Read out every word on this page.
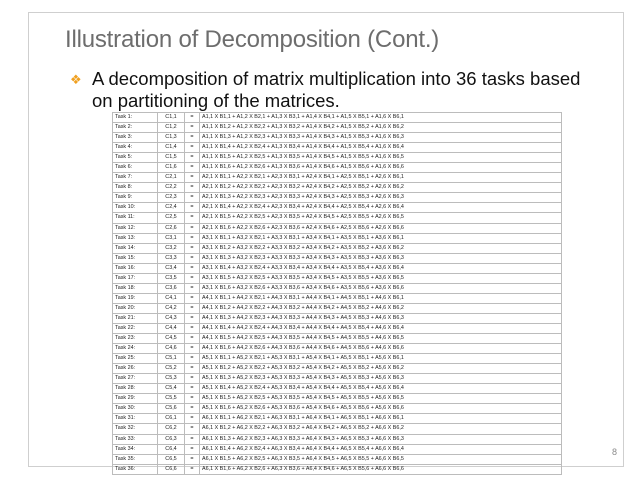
Illustration of Decomposition (Cont.)
❖ A decomposition of matrix multiplication into 36 tasks based on partitioning of the matrices.
Task 1:	C1,1	=	A1,1 X B1,1 + A1,2 X B2,1 + A1,3 X B3,1 + A1,4 X B4,1 + A1,5 X B5,1 + A1,6 X B6,1
Task 2:	C1,2	=	A1,1 X B1,2 + A1,2 X B2,2 + A1,3 X B3,2 + A1,4 X B4,2 + A1,5 X B5,2 + A1,6 X B6,2
Task 3:	C1,3	=	A1,1 X B1,3 + A1,2 X B2,3 + A1,3 X B3,3 + A1,4 X B4,3 + A1,5 X B5,3 + A1,6 X B6,3
Task 4:	C1,4	=	A1,1 X B1,4 + A1,2 X B2,4 + A1,3 X B3,4 + A1,4 X B4,4 + A1,5 X B5,4 + A1,6 X B6,4
Task 5:	C1,5	=	A1,1 X B1,5 + A1,2 X B2,5 + A1,3 X B3,5 + A1,4 X B4,5 + A1,5 X B5,5 + A1,6 X B6,5
Task 6:	C1,6	=	A1,1 X B1,6 + A1,2 X B2,6 + A1,3 X B3,6 + A1,4 X B4,6 + A1,5 X B5,6 + A1,6 X B6,6
Task 7:	C2,1	=	A2,1 X B1,1 + A2,2 X B2,1 + A2,3 X B3,1 + A2,4 X B4,1 + A2,5 X B5,1 + A2,6 X B6,1
Task 8:	C2,2	=	A2,1 X B1,2 + A2,2 X B2,2 + A2,3 X B3,2 + A2,4 X B4,2 + A2,5 X B5,2 + A2,6 X B6,2
Task 9:	C2,3	=	A2,1 X B1,3 + A2,2 X B2,3 + A2,3 X B3,3 + A2,4 X B4,3 + A2,5 X B5,3 + A2,6 X B6,3
Task 10:	C2,4	=	A2,1 X B1,4 + A2,2 X B2,4 + A2,3 X B3,4 + A2,4 X B4,4 + A2,5 X B5,4 + A2,6 X B6,4
Task 11:	C2,5	=	A2,1 X B1,5 + A2,2 X B2,5 + A2,3 X B3,5 + A2,4 X B4,5 + A2,5 X B5,5 + A2,6 X B6,5
Task 12:	C2,6	=	A2,1 X B1,6 + A2,2 X B2,6 + A2,3 X B3,6 + A2,4 X B4,6 + A2,5 X B5,6 + A2,6 X B6,6
Task 13:	C3,1	=	A3,1 X B1,1 + A3,2 X B2,1 + A3,3 X B3,1 + A3,4 X B4,1 + A3,5 X B5,1 + A3,6 X B6,1
Task 14:	C3,2	=	A3,1 X B1,2 + A3,2 X B2,2 + A3,3 X B3,2 + A3,4 X B4,2 + A3,5 X B5,2 + A3,6 X B6,2
Task 15:	C3,3	=	A3,1 X B1,3 + A3,2 X B2,3 + A3,3 X B3,3 + A3,4 X B4,3 + A3,5 X B5,3 + A3,6 X B6,3
Task 16:	C3,4	=	A3,1 X B1,4 + A3,2 X B2,4 + A3,3 X B3,4 + A3,4 X B4,4 + A3,5 X B5,4 + A3,6 X B6,4
Task 17:	C3,5	=	A3,1 X B1,5 + A3,2 X B2,5 + A3,3 X B3,5 + A3,4 X B4,5 + A3,5 X B5,5 + A3,6 X B6,5
Task 18:	C3,6	=	A3,1 X B1,6 + A3,2 X B2,6 + A3,3 X B3,6 + A3,4 X B4,6 + A3,5 X B5,6 + A3,6 X B6,6
Task 19:	C4,1	=	A4,1 X B1,1 + A4,2 X B2,1 + A4,3 X B3,1 + A4,4 X B4,1 + A4,5 X B5,1 + A4,6 X B6,1
Task 20:	C4,2	=	A4,1 X B1,2 + A4,2 X B2,2 + A4,3 X B3,2 + A4,4 X B4,2 + A4,5 X B5,2 + A4,6 X B6,2
Task 21:	C4,3	=	A4,1 X B1,3 + A4,2 X B2,3 + A4,3 X B3,3 + A4,4 X B4,3 + A4,5 X B5,3 + A4,6 X B6,3
Task 22:	C4,4	=	A4,1 X B1,4 + A4,2 X B2,4 + A4,3 X B3,4 + A4,4 X B4,4 + A4,5 X B5,4 + A4,6 X B6,4
Task 23:	C4,5	=	A4,1 X B1,5 + A4,2 X B2,5 + A4,3 X B3,5 + A4,4 X B4,5 + A4,5 X B5,5 + A4,6 X B6,5
Task 24:	C4,6	=	A4,1 X B1,6 + A4,2 X B2,6 + A4,3 X B3,6 + A4,4 X B4,6 + A4,5 X B5,6 + A4,6 X B6,6
Task 25:	C5,1	=	A5,1 X B1,1 + A5,2 X B2,1 + A5,3 X B3,1 + A5,4 X B4,1 + A5,5 X B5,1 + A5,6 X B6,1
Task 26:	C5,2	=	A5,1 X B1,2 + A5,2 X B2,2 + A5,3 X B3,2 + A5,4 X B4,2 + A5,5 X B5,2 + A5,6 X B6,2
Task 27:	C5,3	=	A5,1 X B1,3 + A5,2 X B2,3 + A5,3 X B3,3 + A5,4 X B4,3 + A5,5 X B5,3 + A5,6 X B6,3
Task 28:	C5,4	=	A5,1 X B1,4 + A5,2 X B2,4 + A5,3 X B3,4 + A5,4 X B4,4 + A5,5 X B5,4 + A5,6 X B6,4
Task 29:	C5,5	=	A5,1 X B1,5 + A5,2 X B2,5 + A5,3 X B3,5 + A5,4 X B4,5 + A5,5 X B5,5 + A5,6 X B6,5
Task 30:	C5,6	=	A5,1 X B1,6 + A5,2 X B2,6 + A5,3 X B3,6 + A5,4 X B4,6 + A5,5 X B5,6 + A5,6 X B6,6
Task 31:	C6,1	=	A6,1 X B1,1 + A6,2 X B2,1 + A6,3 X B3,1 + A6,4 X B4,1 + A6,5 X B5,1 + A6,6 X B6,1
Task 32:	C6,2	=	A6,1 X B1,2 + A6,2 X B2,2 + A6,3 X B3,2 + A6,4 X B4,2 + A6,5 X B5,2 + A6,6 X B6,2
Task 33:	C6,3	=	A6,1 X B1,3 + A6,2 X B2,3 + A6,3 X B3,3 + A6,4 X B4,3 + A6,5 X B5,3 + A6,6 X B6,3
Task 34:	C6,4	=	A6,1 X B1,4 + A6,2 X B2,4 + A6,3 X B3,4 + A6,4 X B4,4 + A6,5 X B5,4 + A6,6 X B6,4
Task 35:	C6,5	=	A6,1 X B1,5 + A6,2 X B2,5 + A6,3 X B3,5 + A6,4 X B4,5 + A6,5 X B5,5 + A6,6 X B6,5
Task 36:	C6,6	=	A6,1 X B1,6 + A6,2 X B2,6 + A6,3 X B3,6 + A6,4 X B4,6 + A6,5 X B5,6 + A6,6 X B6,6
8
